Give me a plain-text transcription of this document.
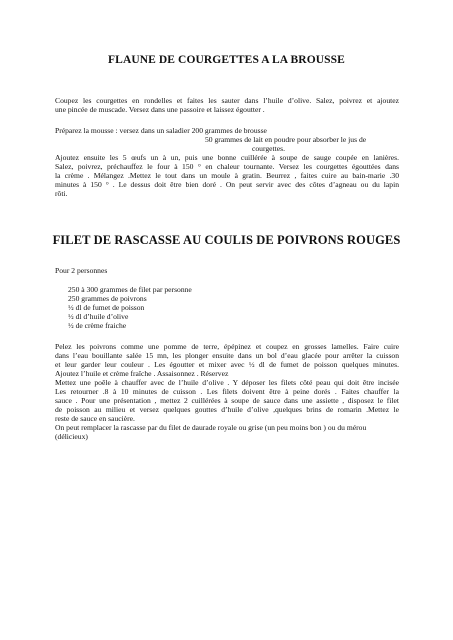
FLAUNE DE COURGETTES A LA BROUSSE
Coupez les courgettes en rondelles et faites les sauter dans l’huile d’olive. Salez, poivrez et ajoutez
une pincée de muscade. Versez dans une passoire et laissez égoutter .
Préparez la mousse : versez dans un saladier 200 grammes de brousse
50 grammes de lait en poudre pour absorber le jus de
courgettes.
Ajoutez ensuite les 5 œufs un à un, puis une bonne cuillérée à soupe de sauge coupée en lanières.
Salez, poivrez, préchauffez le four à 150 ° en chaleur tournante. Versez les courgettes égouttées dans
la crème . Mélangez .Mettez le tout dans un moule à gratin. Beurrez , faites cuire au bain-marie .30
minutes à 150 ° . Le dessus doit être bien doré . On peut servir avec des côtes d’agneau ou du lapin
rôti.
FILET DE RASCASSE AU COULIS DE POIVRONS ROUGES
Pour 2 personnes
250 à 300 grammes de filet par personne
250 grammes de poivrons
½ dl de fumet de poisson
½ dl d’huile d’olive
½ de crème fraiche
Pelez les poivrons comme une pomme de terre, épépinez et coupez en grosses lamelles. Faire cuire
dans l’eau bouillante salée 15 mn, les plonger ensuite dans un bol d’eau glacée pour arrêter la cuisson
et leur garder leur couleur . Les égoutter et mixer avec ½ dl de fumet de poisson quelques minutes.
Ajoutez l’huile et crème fraîche . Assaisonnez . Réservez
Mettez une poêle à chauffer avec de l’huile d’olive . Y déposer les filets côté peau qui doit être incisée
Les retourner .8 à 10 minutes de cuisson . Les filets doivent être à peine dorés . Faites chauffer la
sauce . Pour une présentation , mettez 2 cuillérées à soupe de sauce dans une assiette , disposez le filet
de poisson au milieu et versez quelques gouttes d’huile d’olive ,quelques brins de romarin .Mettez le
reste de sauce en saucière.
On peut remplacer la rascasse par du filet de daurade royale ou grise (un peu moins bon ) ou du mérou
(délicieux)
